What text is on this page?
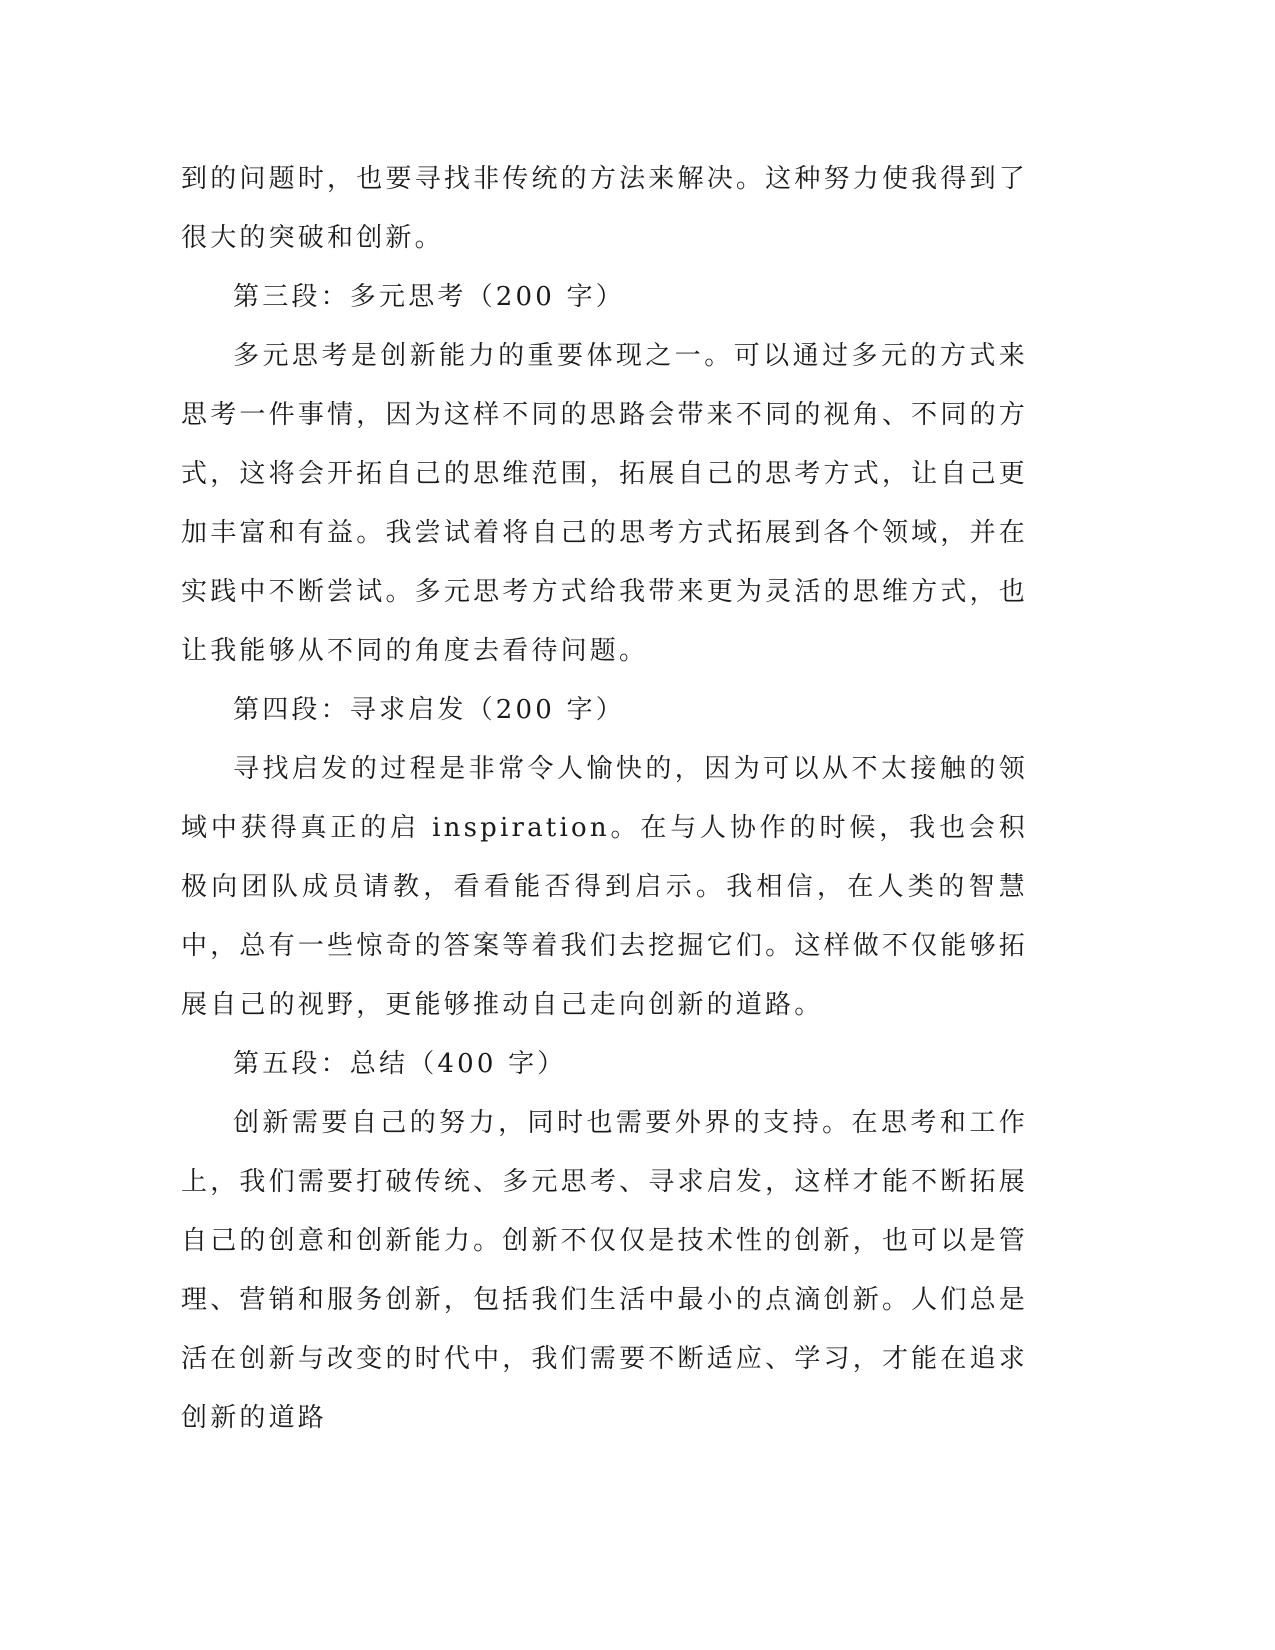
到的问题时，也要寻找非传统的方法来解决。这种努力使我得到了很大的突破和创新。

第三段：多元思考（200 字）

多元思考是创新能力的重要体现之一。可以通过多元的方式来思考一件事情，因为这样不同的思路会带来不同的视角、不同的方式，这将会开拓自己的思维范围，拓展自己的思考方式，让自己更加丰富和有益。我尝试着将自己的思考方式拓展到各个领域，并在实践中不断尝试。多元思考方式给我带来更为灵活的思维方式，也让我能够从不同的角度去看待问题。

第四段：寻求启发（200 字）

寻找启发的过程是非常令人愉快的，因为可以从不太接触的领域中获得真正的启 inspiration。在与人协作的时候，我也会积极向团队成员请教，看看能否得到启示。我相信，在人类的智慧中，总有一些惊奇的答案等着我们去挖掘它们。这样做不仅能够拓展自己的视野，更能够推动自己走向创新的道路。

第五段：总结（400 字）

创新需要自己的努力，同时也需要外界的支持。在思考和工作上，我们需要打破传统、多元思考、寻求启发，这样才能不断拓展自己的创意和创新能力。创新不仅仅是技术性的创新，也可以是管理、营销和服务创新，包括我们生活中最小的点滴创新。人们总是活在创新与改变的时代中，我们需要不断适应、学习，才能在追求创新的道路
